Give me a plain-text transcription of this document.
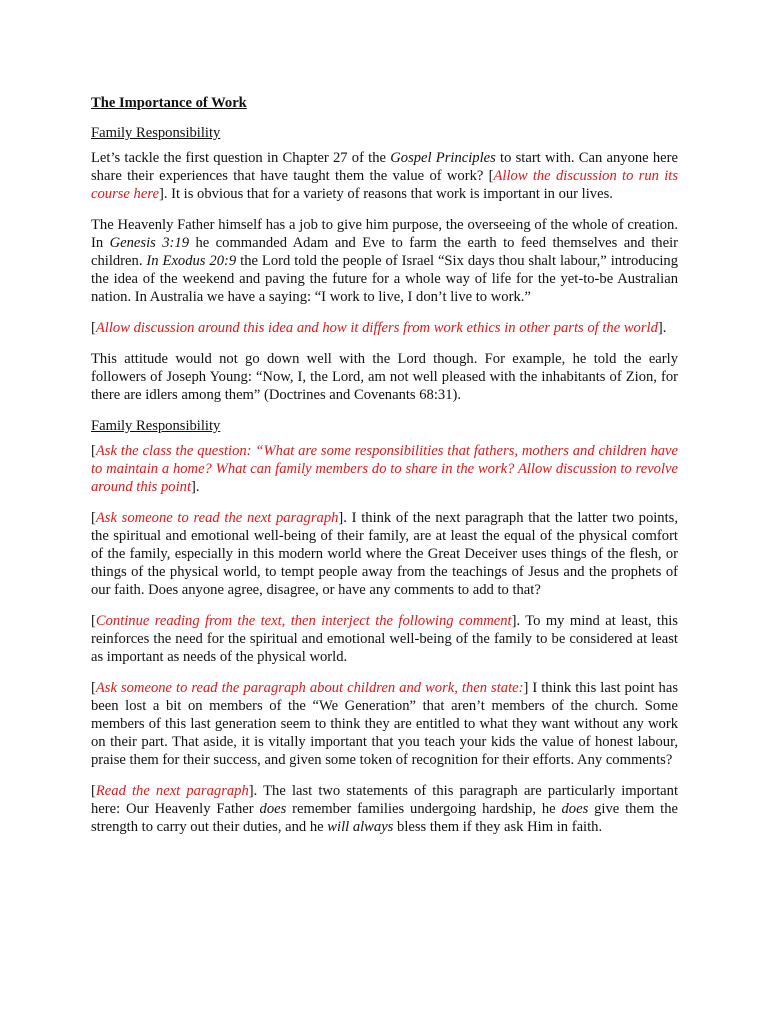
The Importance of Work
Family Responsibility

Let’s tackle the first question in Chapter 27 of the Gospel Principles to start with. Can anyone here share their experiences that have taught them the value of work? [Allow the discussion to run its course here]. It is obvious that for a variety of reasons that work is important in our lives.

The Heavenly Father himself has a job to give him purpose, the overseeing of the whole of creation. In Genesis 3:19 he commanded Adam and Eve to farm the earth to feed themselves and their children. In Exodus 20:9 the Lord told the people of Israel “Six days thou shalt labour,” introducing the idea of the weekend and paving the future for a whole way of life for the yet-to-be Australian nation. In Australia we have a saying: “I work to live, I don’t live to work.”

[Allow discussion around this idea and how it differs from work ethics in other parts of the world].

This attitude would not go down well with the Lord though. For example, he told the early followers of Joseph Young: “Now, I, the Lord, am not well pleased with the inhabitants of Zion, for there are idlers among them” (Doctrines and Covenants 68:31).

Family Responsibility

[Ask the class the question: “What are some responsibilities that fathers, mothers and children have to maintain a home? What can family members do to share in the work? Allow discussion to revolve around this point].

[Ask someone to read the next paragraph]. I think of the next paragraph that the latter two points, the spiritual and emotional well-being of their family, are at least the equal of the physical comfort of the family, especially in this modern world where the Great Deceiver uses things of the flesh, or things of the physical world, to tempt people away from the teachings of Jesus and the prophets of our faith. Does anyone agree, disagree, or have any comments to add to that?

[Continue reading from the text, then interject the following comment]. To my mind at least, this reinforces the need for the spiritual and emotional well-being of the family to be considered at least as important as needs of the physical world.

[Ask someone to read the paragraph about children and work, then state:] I think this last point has been lost a bit on members of the “We Generation” that aren’t members of the church. Some members of this last generation seem to think they are entitled to what they want without any work on their part. That aside, it is vitally important that you teach your kids the value of honest labour, praise them for their success, and given some token of recognition for their efforts. Any comments?

[Read the next paragraph]. The last two statements of this paragraph are particularly important here: Our Heavenly Father does remember families undergoing hardship, he does give them the strength to carry out their duties, and he will always bless them if they ask Him in faith.
